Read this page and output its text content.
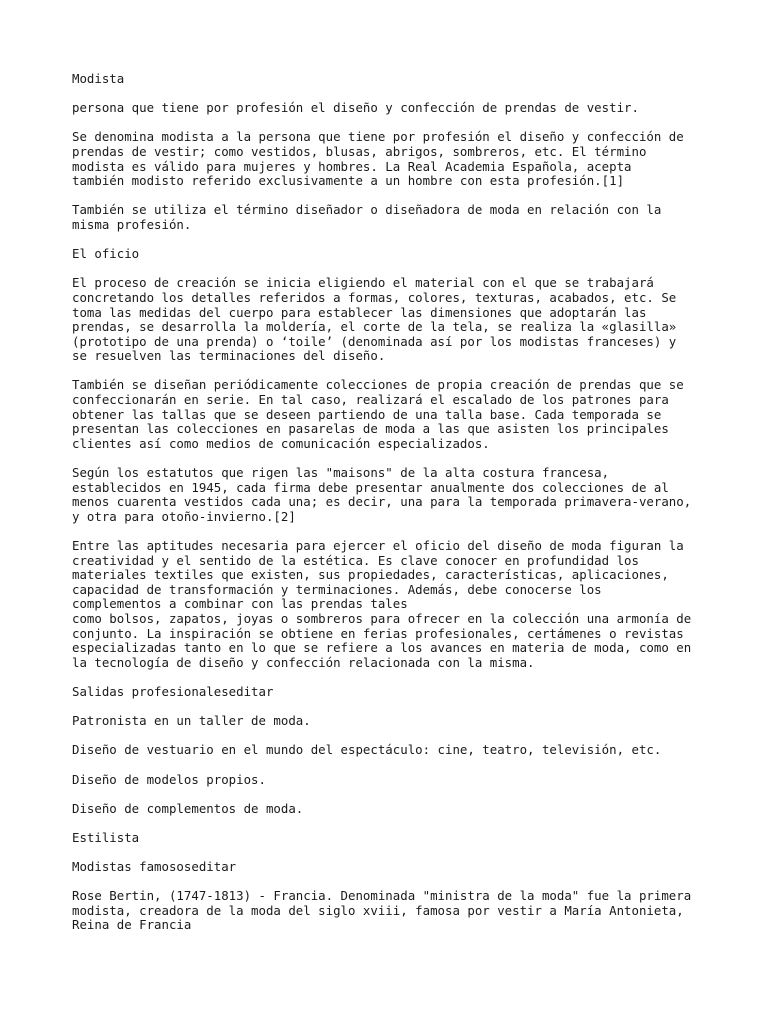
Modista

persona que tiene por profesión el diseño y confección de prendas de vestir.

Se denomina modista a la persona que tiene por profesión el diseño y confección de
prendas de vestir; como vestidos, blusas, abrigos, sombreros, etc. El término
modista es válido para mujeres y hombres. La Real Academia Española, acepta
también modisto referido exclusivamente a un hombre con esta profesión.[1]

También se utiliza el término diseñador o diseñadora de moda en relación con la
misma profesión.

El oficio

El proceso de creación se inicia eligiendo el material con el que se trabajará
concretando los detalles referidos a formas, colores, texturas, acabados, etc. Se
toma las medidas del cuerpo para establecer las dimensiones que adoptarán las
prendas, se desarrolla la moldería, el corte de la tela, se realiza la «glasilla»
(prototipo de una prenda) o ‘toile’ (denominada así por los modistas franceses) y
se resuelven las terminaciones del diseño.

También se diseñan periódicamente colecciones de propia creación de prendas que se
confeccionarán en serie. En tal caso, realizará el escalado de los patrones para
obtener las tallas que se deseen partiendo de una talla base. Cada temporada se
presentan las colecciones en pasarelas de moda a las que asisten los principales
clientes así como medios de comunicación especializados.

Según los estatutos que rigen las "maisons" de la alta costura francesa,
establecidos en 1945, cada firma debe presentar anualmente dos colecciones de al
menos cuarenta vestidos cada una; es decir, una para la temporada primavera-verano,
y otra para otoño-invierno.[2]

Entre las aptitudes necesaria para ejercer el oficio del diseño de moda figuran la
creatividad y el sentido de la estética. Es clave conocer en profundidad los
materiales textiles que existen, sus propiedades, características, aplicaciones,
capacidad de transformación y terminaciones. Además, debe conocerse los
complementos a combinar con las prendas tales
como bolsos, zapatos, joyas o sombreros para ofrecer en la colección una armonía de
conjunto. La inspiración se obtiene en ferias profesionales, certámenes o revistas
especializadas tanto en lo que se refiere a los avances en materia de moda, como en
la tecnología de diseño y confección relacionada con la misma.

Salidas profesionaleseditar

Patronista en un taller de moda.

Diseño de vestuario en el mundo del espectáculo: cine, teatro, televisión, etc.

Diseño de modelos propios.

Diseño de complementos de moda.

Estilista

Modistas famososeditar

Rose Bertin, (1747-1813) - Francia. Denominada "ministra de la moda" fue la primera
modista, creadora de la moda del siglo xviii, famosa por vestir a María Antonieta,
Reina de Francia
